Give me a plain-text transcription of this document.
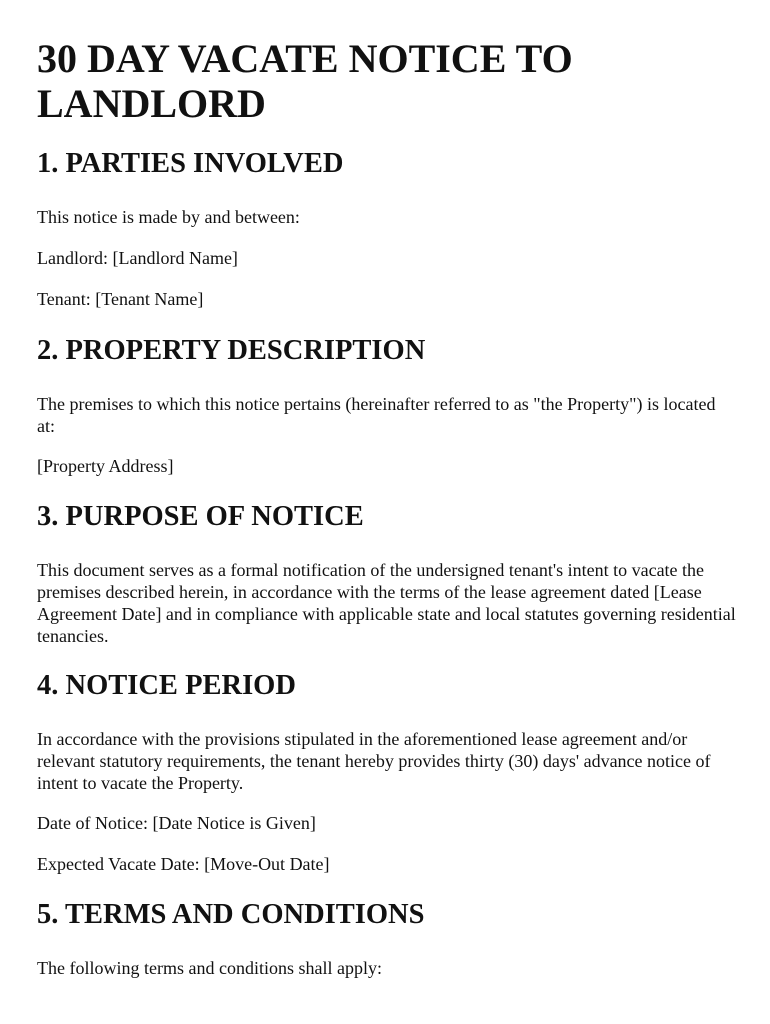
30 DAY VACATE NOTICE TO LANDLORD
1. PARTIES INVOLVED

This notice is made by and between:

Landlord: [Landlord Name]

Tenant: [Tenant Name]

2. PROPERTY DESCRIPTION

The premises to which this notice pertains (hereinafter referred to as "the Property") is located at:

[Property Address]

3. PURPOSE OF NOTICE

This document serves as a formal notification of the undersigned tenant's intent to vacate the premises described herein, in accordance with the terms of the lease agreement dated [Lease Agreement Date] and in compliance with applicable state and local statutes governing residential tenancies.

4. NOTICE PERIOD

In accordance with the provisions stipulated in the aforementioned lease agreement and/or relevant statutory requirements, the tenant hereby provides thirty (30) days' advance notice of intent to vacate the Property.

Date of Notice: [Date Notice is Given]

Expected Vacate Date: [Move-Out Date]

5. TERMS AND CONDITIONS

The following terms and conditions shall apply:
